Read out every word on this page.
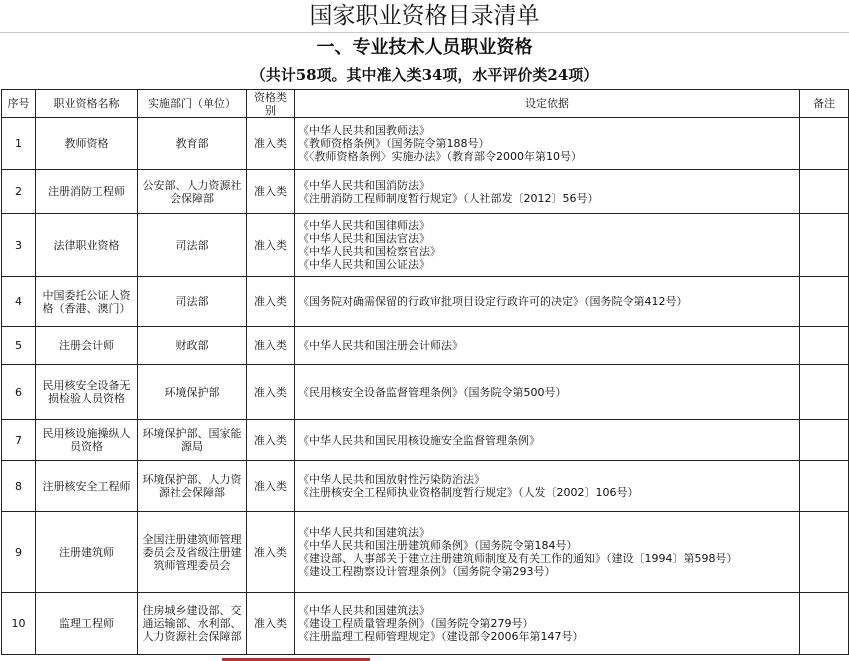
国家职业资格目录清单
一、专业技术人员职业资格
（共计58项。其中准入类34项，水平评价类24项）
序号	职业资格名称	实施部门（单位）	资格类别	设定依据	备注
1	教师资格	教育部	准入类	《中华人民共和国教师法》
《教师资格条例》（国务院令第188号）
《〈教师资格条例〉实施办法》（教育部令2000年第10号）	

2	注册消防工程师	公安部、人力资源社会保障部	准入类	《中华人民共和国消防法》
《注册消防工程师制度暂行规定》（人社部发〔2012〕56号）	

3	法律职业资格	司法部	准入类	《中华人民共和国律师法》
《中华人民共和国法官法》
《中华人民共和国检察官法》
《中华人民共和国公证法》	

4	中国委托公证人资格（香港、澳门）	司法部	准入类	《国务院对确需保留的行政审批项目设定行政许可的决定》（国务院令第412号）	

5	注册会计师	财政部	准入类	《中华人民共和国注册会计师法》	

6	民用核安全设备无损检验人员资格	环境保护部	准入类	《民用核安全设备监督管理条例》（国务院令第500号）	

7	民用核设施操纵人员资格	环境保护部、国家能源局	准入类	《中华人民共和国民用核设施安全监督管理条例》	

8	注册核安全工程师	环境保护部、人力资源社会保障部	准入类	《中华人民共和国放射性污染防治法》
《注册核安全工程师执业资格制度暂行规定》（人发〔2002〕106号）	

9	注册建筑师	全国注册建筑师管理委员会及省级注册建筑师管理委员会	准入类	《中华人民共和国建筑法》
《中华人民共和国注册建筑师条例》（国务院令第184号）
《建设部、人事部关于建立注册建筑师制度及有关工作的通知》（建设〔1994〕第598号）
《建设工程勘察设计管理条例》（国务院令第293号）	

10	监理工程师	住房城乡建设部、交通运输部、水利部、人力资源社会保障部	准入类	《中华人民共和国建筑法》
《建设工程质量管理条例》（国务院令第279号）
《注册监理工程师管理规定》（建设部令2006年第147号）	
